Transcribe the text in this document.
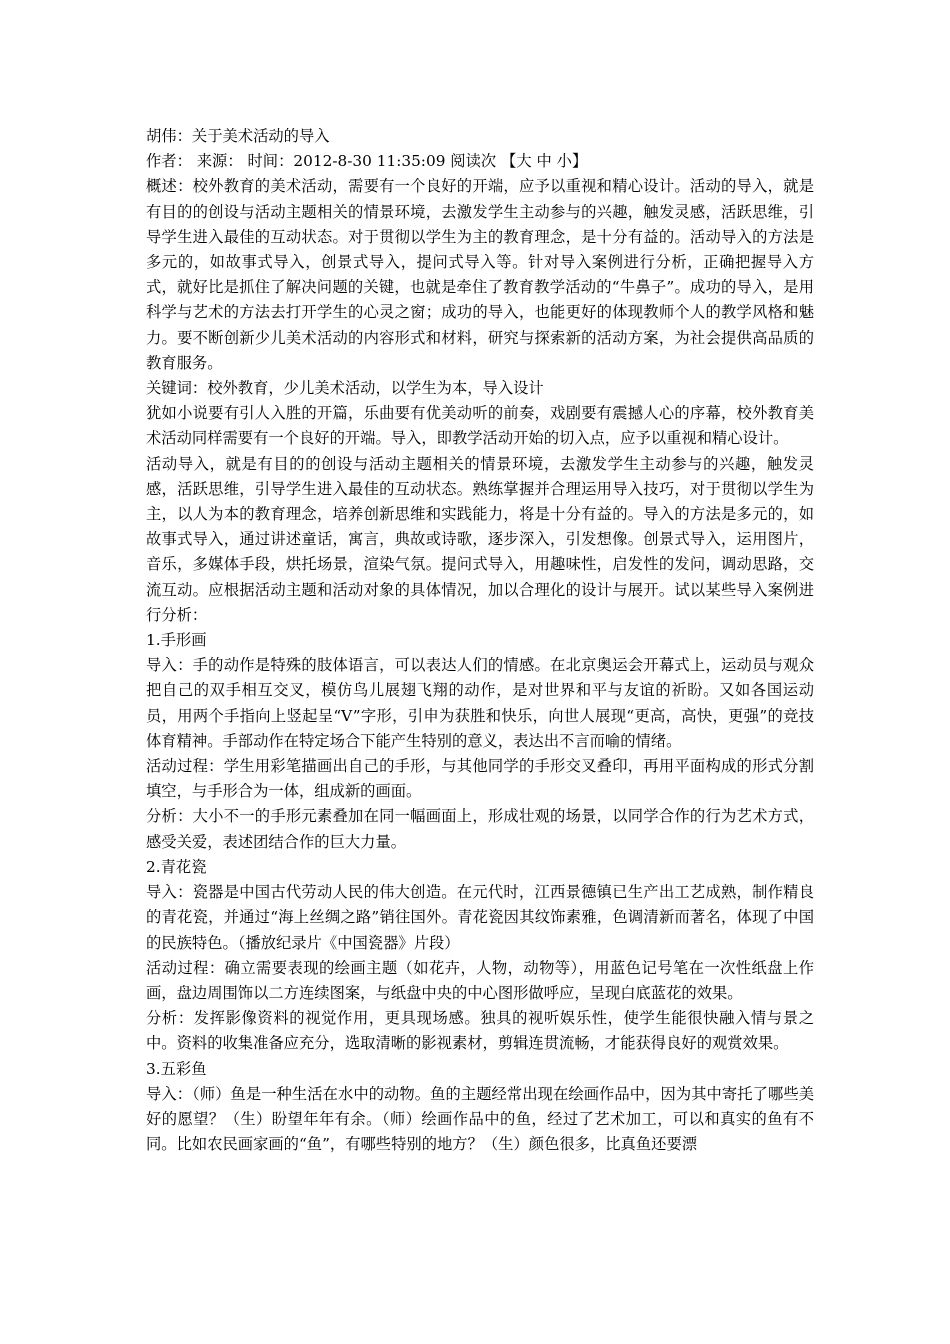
胡伟：关于美术活动的导入

作者： 来源： 时间：2012-8-30 11:35:09 阅读次 【大 中 小】

概述：校外教育的美术活动，需要有一个良好的开端，应予以重视和精心设计。活动的导入，就是有目的的创设与活动主题相关的情景环境，去激发学生主动参与的兴趣，触发灵感，活跃思维，引导学生进入最佳的互动状态。对于贯彻以学生为主的教育理念，是十分有益的。活动导入的方法是多元的，如故事式导入，创景式导入，提问式导入等。针对导入案例进行分析，正确把握导入方式，就好比是抓住了解决问题的关键，也就是牵住了教育教学活动的“牛鼻子”。成功的导入，是用科学与艺术的方法去打开学生的心灵之窗；成功的导入，也能更好的体现教师个人的教学风格和魅力。要不断创新少儿美术活动的内容形式和材料，研究与探索新的活动方案，为社会提供高品质的教育服务。

关键词：校外教育，少儿美术活动，以学生为本，导入设计

犹如小说要有引人入胜的开篇，乐曲要有优美动听的前奏，戏剧要有震撼人心的序幕，校外教育美术活动同样需要有一个良好的开端。导入，即教学活动开始的切入点，应予以重视和精心设计。

活动导入，就是有目的的创设与活动主题相关的情景环境，去激发学生主动参与的兴趣，触发灵感，活跃思维，引导学生进入最佳的互动状态。熟练掌握并合理运用导入技巧，对于贯彻以学生为主，以人为本的教育理念，培养创新思维和实践能力，将是十分有益的。导入的方法是多元的，如故事式导入，通过讲述童话，寓言，典故或诗歌，逐步深入，引发想像。创景式导入，运用图片，音乐，多媒体手段，烘托场景，渲染气氛。提问式导入，用趣味性，启发性的发问，调动思路，交流互动。应根据活动主题和活动对象的具体情况，加以合理化的设计与展开。试以某些导入案例进行分析：

1.手形画

导入：手的动作是特殊的肢体语言，可以表达人们的情感。在北京奥运会开幕式上，运动员与观众把自己的双手相互交叉，模仿鸟儿展翅飞翔的动作，是对世界和平与友谊的祈盼。又如各国运动员，用两个手指向上竖起呈“V”字形，引申为获胜和快乐，向世人展现“更高，高快，更强”的竞技体育精神。手部动作在特定场合下能产生特别的意义，表达出不言而喻的情绪。

活动过程：学生用彩笔描画出自己的手形，与其他同学的手形交叉叠印，再用平面构成的形式分割填空，与手形合为一体，组成新的画面。

分析：大小不一的手形元素叠加在同一幅画面上，形成壮观的场景，以同学合作的行为艺术方式，感受关爱，表述团结合作的巨大力量。

2.青花瓷

导入：瓷器是中国古代劳动人民的伟大创造。在元代时，江西景德镇已生产出工艺成熟，制作精良的青花瓷，并通过“海上丝绸之路”销往国外。青花瓷因其纹饰素雅，色调清新而著名，体现了中国的民族特色。（播放纪录片《中国瓷器》片段）

活动过程：确立需要表现的绘画主题（如花卉，人物，动物等），用蓝色记号笔在一次性纸盘上作画，盘边周围饰以二方连续图案，与纸盘中央的中心图形做呼应，呈现白底蓝花的效果。

分析：发挥影像资料的视觉作用，更具现场感。独具的视听娱乐性，使学生能很快融入情与景之中。资料的收集准备应充分，选取清晰的影视素材，剪辑连贯流畅，才能获得良好的观赏效果。

3.五彩鱼

导入：（师）鱼是一种生活在水中的动物。鱼的主题经常出现在绘画作品中，因为其中寄托了哪些美好的愿望？（生）盼望年年有余。（师）绘画作品中的鱼，经过了艺术加工，可以和真实的鱼有不同。比如农民画家画的“鱼”，有哪些特别的地方？（生）颜色很多，比真鱼还要漂
